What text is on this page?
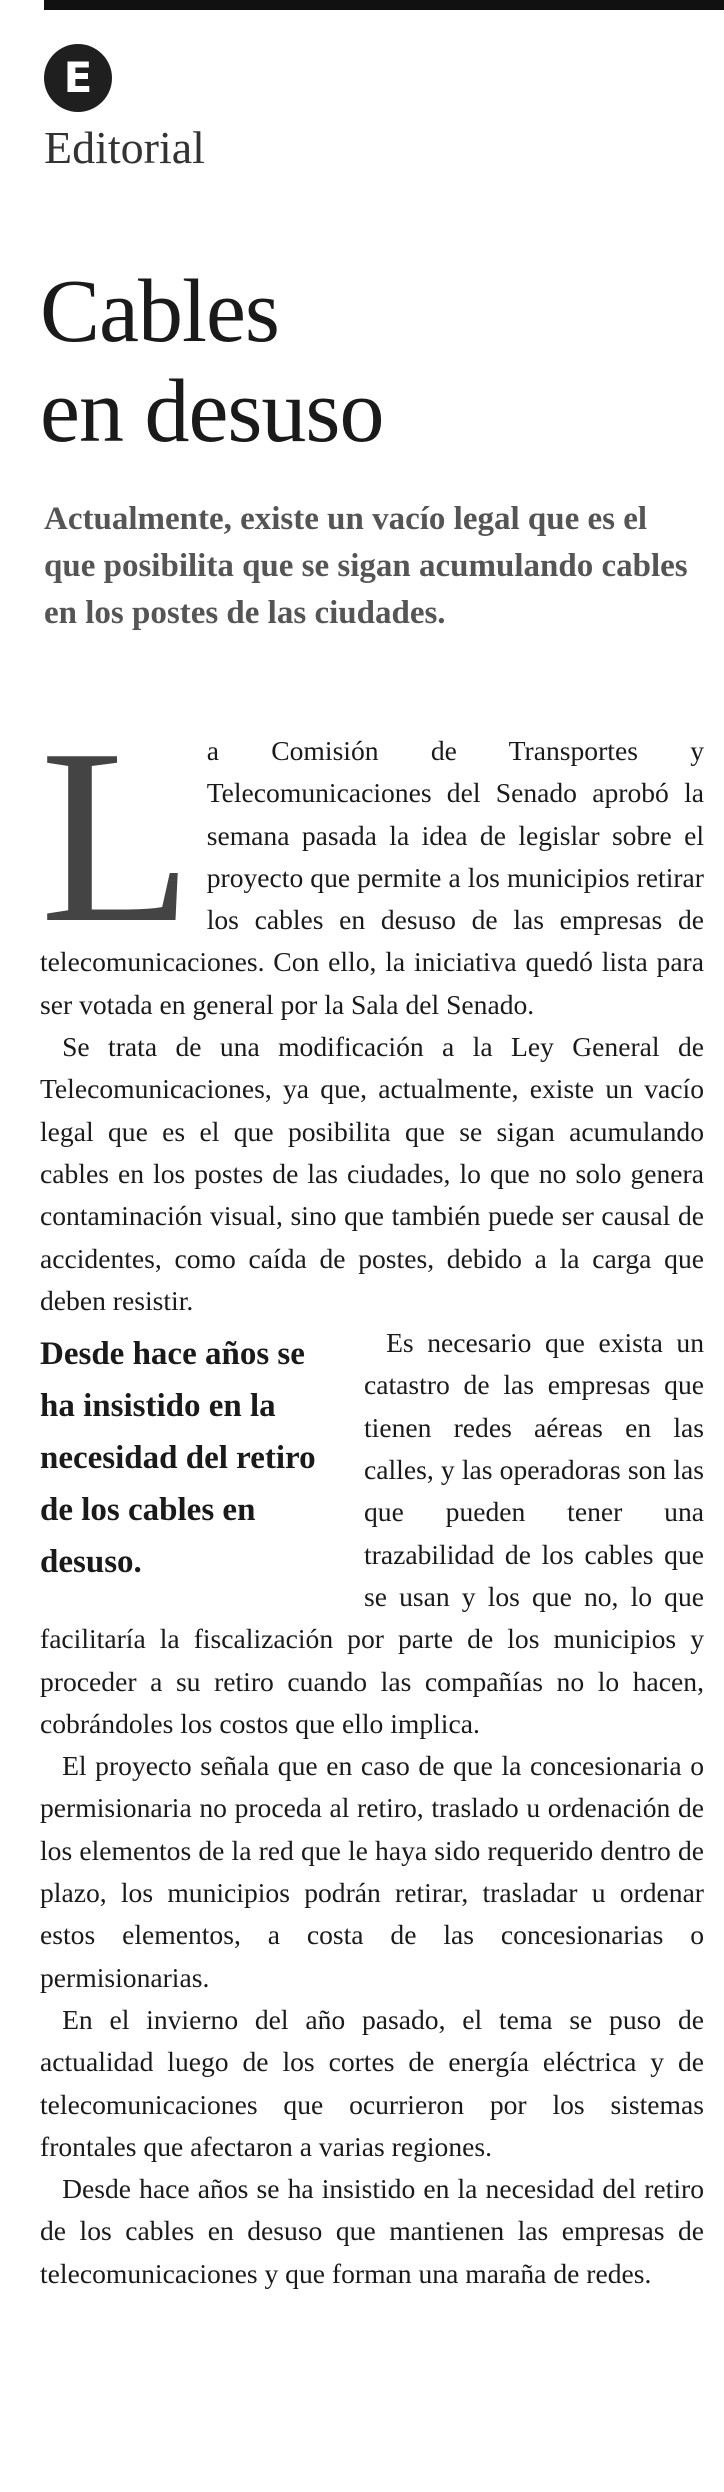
E
Editorial
Cables
en desuso
Actualmente, existe un vacío legal que es el que posibilita que se sigan acumulando cables en los postes de las ciudades.

La Comisión de Transportes y Telecomunicaciones del Senado aprobó la semana pasada la idea de legislar sobre el proyecto que permite a los municipios retirar los cables en desuso de las empresas de telecomunicaciones. Con ello, la iniciativa quedó lista para ser votada en general por la Sala del Senado.

Se trata de una modificación a la Ley General de Telecomunicaciones, ya que, actualmente, existe un vacío legal que es el que posibilita que se sigan acumulando cables en los postes de las ciudades, lo que no solo genera contaminación visual, sino que también puede ser causal de accidentes, como caída de postes, debido a la carga que deben resistir.

Desde hace años se ha insistido en la necesidad del retiro de los cables en desuso.
Es necesario que exista un catastro de las empresas que tienen redes aéreas en las calles, y las operadoras son las que pueden tener una trazabilidad de los cables que se usan y los que no, lo que facilitaría la fiscalización por parte de los municipios y proceder a su retiro cuando las compañías no lo hacen, cobrándoles los costos que ello implica.

El proyecto señala que en caso de que la concesionaria o permisionaria no proceda al retiro, traslado u ordenación de los elementos de la red que le haya sido requerido dentro de plazo, los municipios podrán retirar, trasladar u ordenar estos elementos, a costa de las concesionarias o permisionarias.

En el invierno del año pasado, el tema se puso de actualidad luego de los cortes de energía eléctrica y de telecomunicaciones que ocurrieron por los sistemas frontales que afectaron a varias regiones.

Desde hace años se ha insistido en la necesidad del retiro de los cables en desuso que mantienen las empresas de telecomunicaciones y que forman una maraña de redes.
